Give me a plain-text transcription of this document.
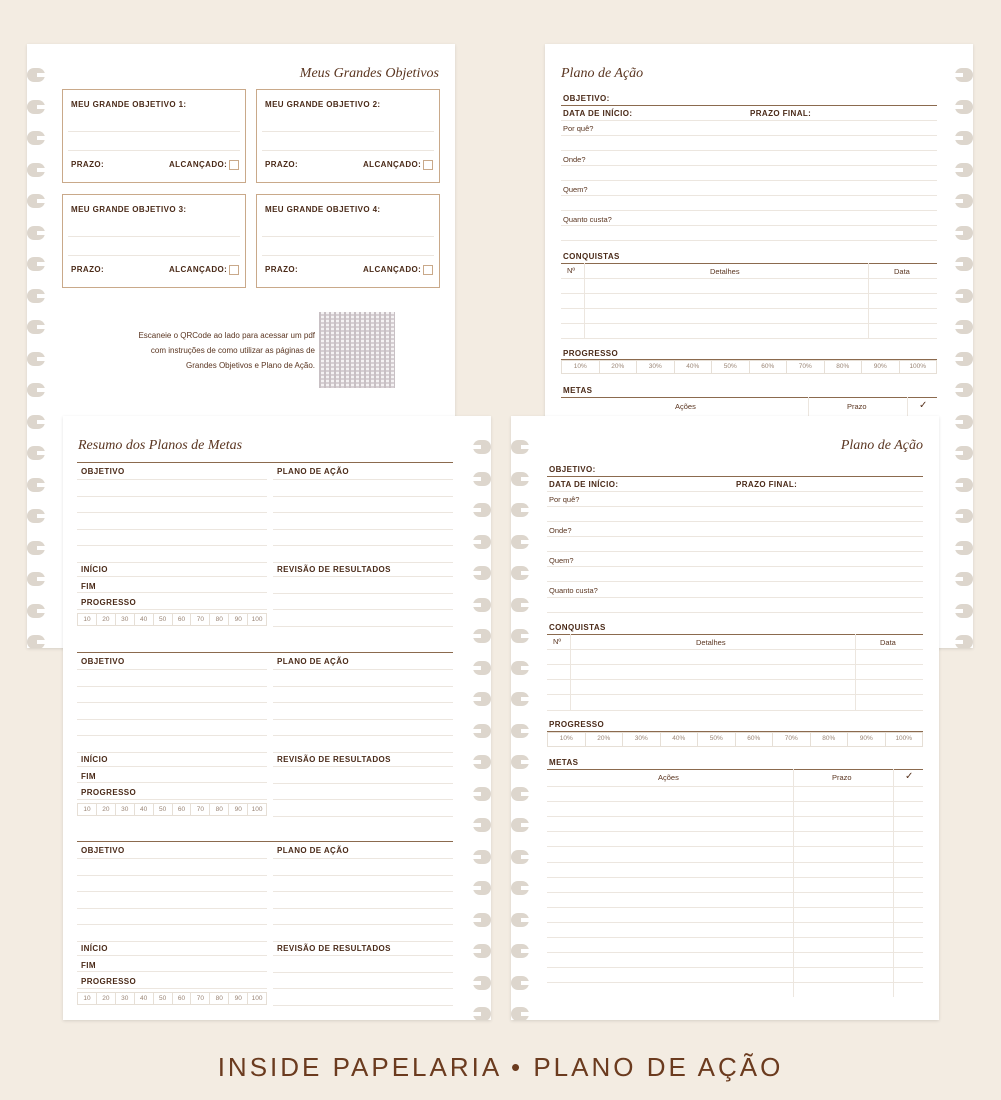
Meus Grandes Objetivos
MEU GRANDE OBJETIVO 1:
PRAZO:	ALCANÇADO:
MEU GRANDE OBJETIVO 2:
PRAZO:	ALCANÇADO:
MEU GRANDE OBJETIVO 3:
PRAZO:	ALCANÇADO:
MEU GRANDE OBJETIVO 4:
PRAZO:	ALCANÇADO:
Escaneie o QRCode ao lado para acessar um pdf
com instruções de como utilizar as páginas de
Grandes Objetivos e Plano de Ação.
Plano de Ação
OBJETIVO:
DATA DE INÍCIO:	PRAZO FINAL:
Por quê?
Onde?
Quem?
Quanto custa?
CONQUISTAS
Nº	Detalhes	Data
PROGRESSO
10%	20%	30%	40%	50%	60%	70%	80%	90%	100%
METAS
Ações	Prazo	✓
Resumo dos Planos de Metas
OBJETIVO	PLANO DE AÇÃO
INÍCIO	REVISÃO DE RESULTADOS
FIM
PROGRESSO
10	20	30	40	50	60	70	80	90	100
OBJETIVO	PLANO DE AÇÃO
INÍCIO	REVISÃO DE RESULTADOS
FIM
PROGRESSO
10	20	30	40	50	60	70	80	90	100
OBJETIVO	PLANO DE AÇÃO
INÍCIO	REVISÃO DE RESULTADOS
FIM
PROGRESSO
10	20	30	40	50	60	70	80	90	100
Plano de Ação
OBJETIVO:
DATA DE INÍCIO:	PRAZO FINAL:
Por quê?
Onde?
Quem?
Quanto custa?
CONQUISTAS
Nº	Detalhes	Data
PROGRESSO
10%	20%	30%	40%	50%	60%	70%	80%	90%	100%
METAS
Ações	Prazo	✓
INSIDE PAPELARIA • PLANO DE AÇÃO
